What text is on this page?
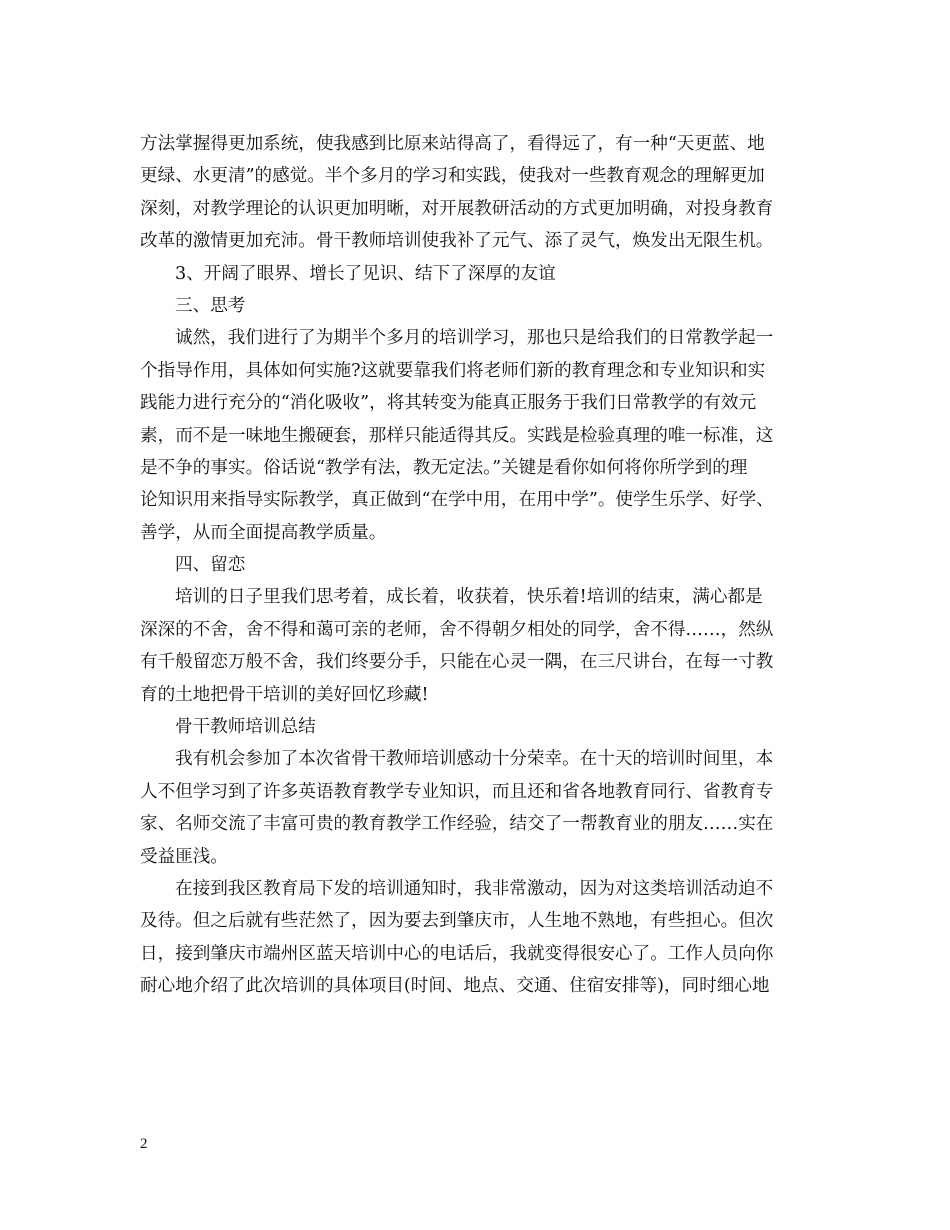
方法掌握得更加系统，使我感到比原来站得高了，看得远了，有一种“天更蓝、地
更绿、水更清”的感觉。半个多月的学习和实践，使我对一些教育观念的理解更加
深刻，对教学理论的认识更加明晰，对开展教研活动的方式更加明确，对投身教育
改革的激情更加充沛。骨干教师培训使我补了元气、添了灵气，焕发出无限生机。
3、开阔了眼界、增长了见识、结下了深厚的友谊
三、思考
诚然，我们进行了为期半个多月的培训学习，那也只是给我们的日常教学起一
个指导作用，具体如何实施?这就要靠我们将老师们新的教育理念和专业知识和实
践能力进行充分的“消化吸收”，将其转变为能真正服务于我们日常教学的有效元
素，而不是一味地生搬硬套，那样只能适得其反。实践是检验真理的唯一标准，这
是不争的事实。俗话说“教学有法，教无定法。”关键是看你如何将你所学到的理
论知识用来指导实际教学，真正做到“在学中用，在用中学”。使学生乐学、好学、
善学，从而全面提高教学质量。
四、留恋
培训的日子里我们思考着，成长着，收获着，快乐着!培训的结束，满心都是
深深的不舍，舍不得和蔼可亲的老师，舍不得朝夕相处的同学，舍不得……，然纵
有千般留恋万般不舍，我们终要分手，只能在心灵一隅，在三尺讲台，在每一寸教
育的土地把骨干培训的美好回忆珍藏!
骨干教师培训总结
我有机会参加了本次省骨干教师培训感动十分荣幸。在十天的培训时间里，本
人不但学习到了许多英语教育教学专业知识，而且还和省各地教育同行、省教育专
家、名师交流了丰富可贵的教育教学工作经验，结交了一帮教育业的朋友……实在
受益匪浅。
在接到我区教育局下发的培训通知时，我非常激动，因为对这类培训活动迫不
及待。但之后就有些茫然了，因为要去到肇庆市，人生地不熟地，有些担心。但次
日，接到肇庆市端州区蓝天培训中心的电话后，我就变得很安心了。工作人员向你
耐心地介绍了此次培训的具体项目(时间、地点、交通、住宿安排等)，同时细心地
2
